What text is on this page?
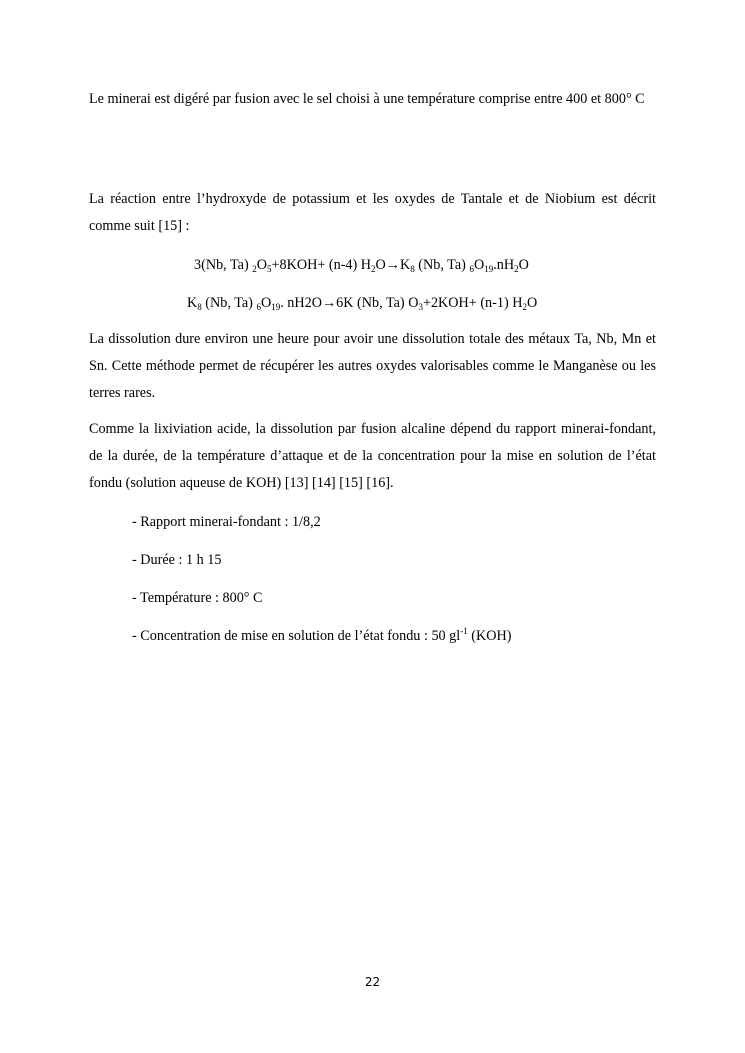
Le minerai est digéré par fusion avec le sel choisi à une température comprise entre 400 et 800° C

La réaction entre l’hydroxyde de potassium et les oxydes de Tantale et de Niobium est décrit comme suit [15] :

3(Nb, Ta) $_2O_5+8KOH+ (n-4)$ $H_2O\to K_8$ (Nb, Ta) $_6O_{19}.nH_2O$
$K_8$ (Nb, Ta) $_6O_{19}$. nH2O→6K (Nb, Ta) $O_3+2KOH+ (n-1)$ $H_2O$

La dissolution dure environ une heure pour avoir une dissolution totale des métaux Ta, Nb, Mn et Sn. Cette méthode permet de récupérer les autres oxydes valorisables comme le Manganèse ou les terres rares.

Comme la lixiviation acide, la dissolution par fusion alcaline dépend du rapport minerai-fondant, de la durée, de la température d’attaque et de la concentration pour la mise en solution de l’état fondu (solution aqueuse de KOH) [13] [14] [15] [16].

- Rapport minerai-fondant : 1/8,2
- Durée : 1 h 15
- Température : 800° C
- Concentration de mise en solution de l’état fondu : 50 $gl^{-1}$ (KOH)
22
